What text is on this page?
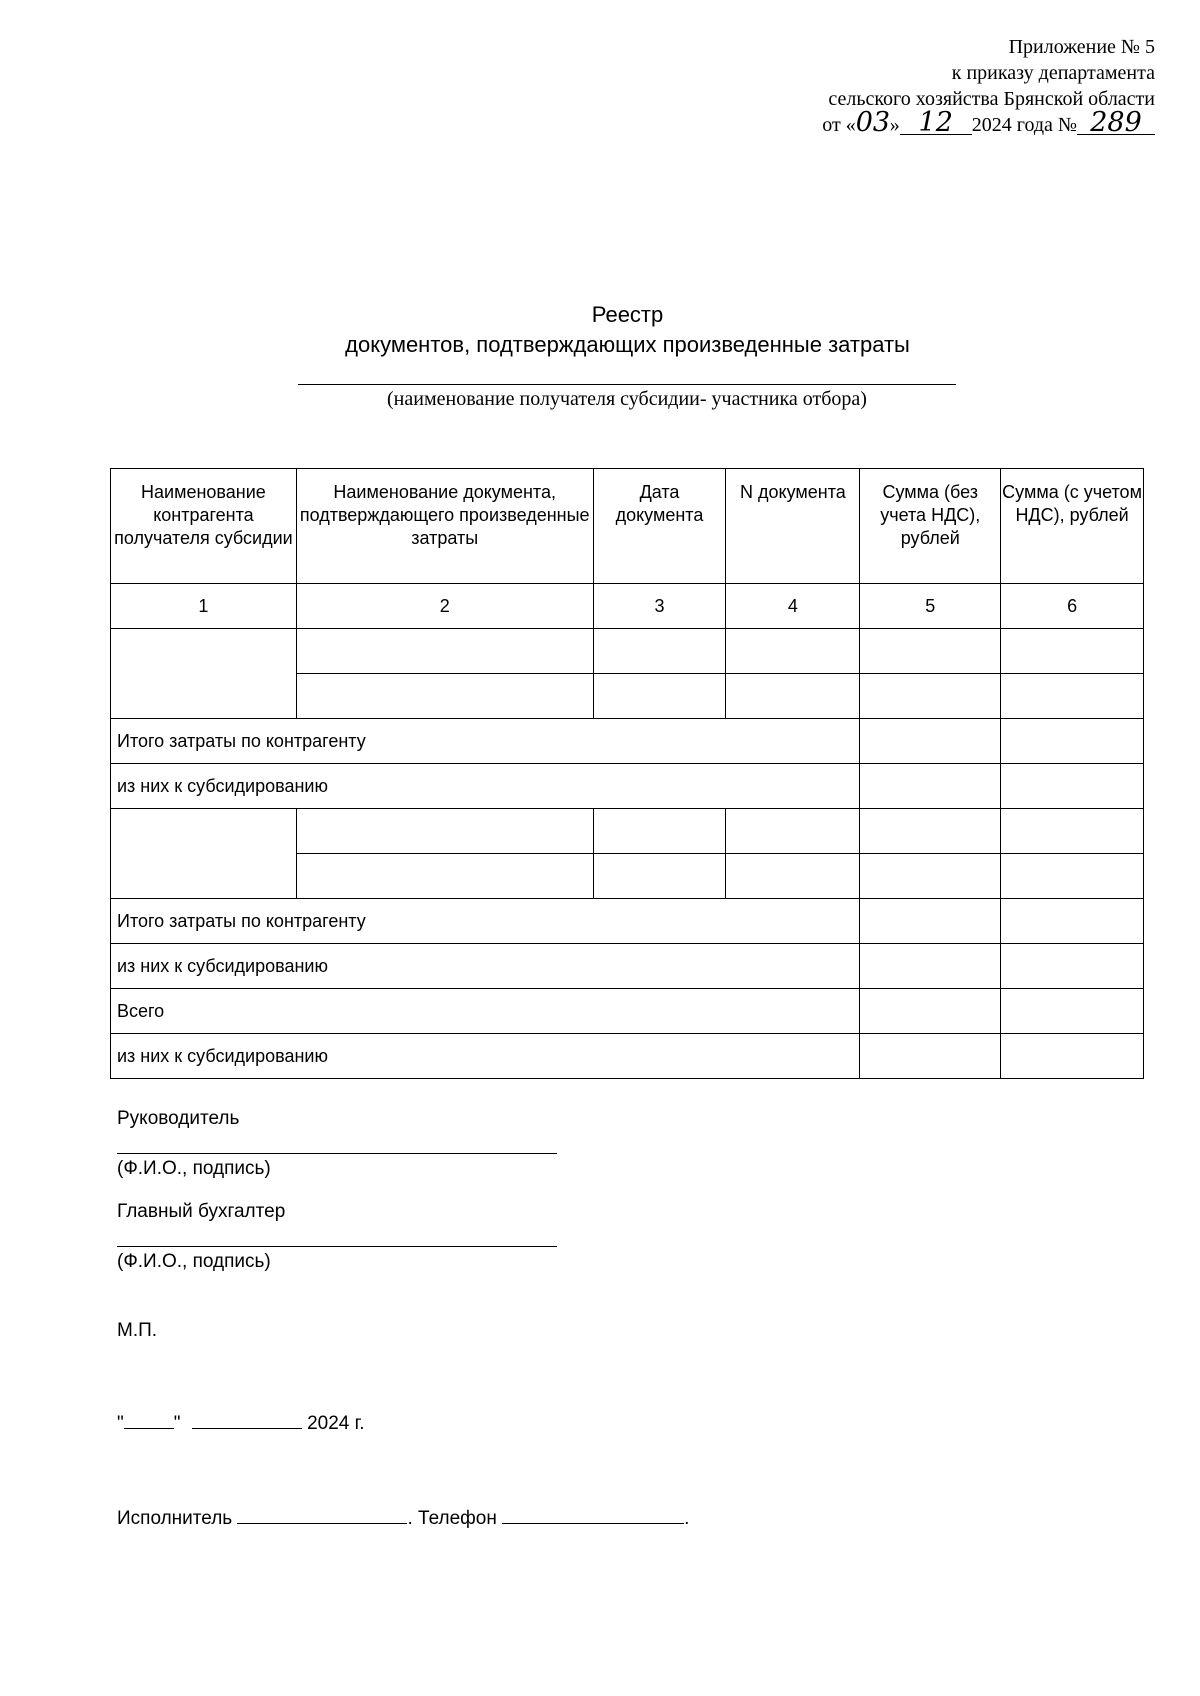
Приложение № 5
к приказу департамента
сельского хозяйства Брянской области
от «03» 12 2024 года № 289
Реестр
документов, подтверждающих произведенные затраты
(наименование получателя субсидии- участника отбора)
Наименование контрагента получателя субсидии	Наименование документа, подтверждающего произведенные затраты	Дата документа	N документа	Сумма (без учета НДС), рублей	Сумма (с учетом НДС), рублей
1	2	3	4	5	6

Итого затраты по контрагенту					
из них к субсидированию					

Итого затраты по контрагенту					
из них к субсидированию					
Всего					
из них к субсидированию					
Руководитель
(Ф.И.О., подпись)
Главный бухгалтер
(Ф.И.О., подпись)
М.П.
"	"	2024 г.
Исполнитель	. Телефон	.
